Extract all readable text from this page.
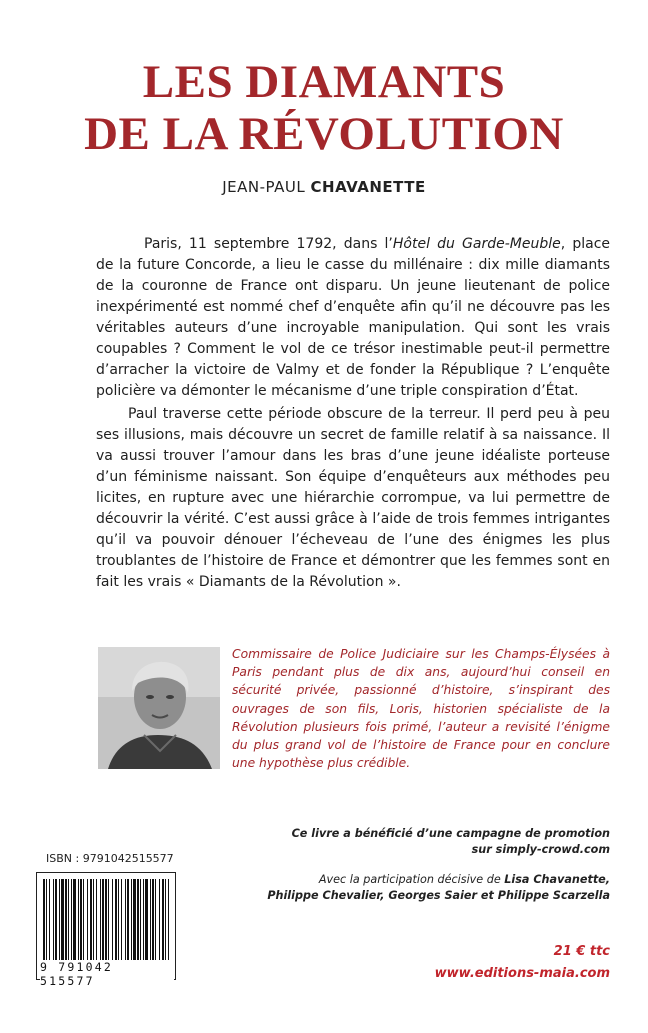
LES DIAMANTS
DE LA RÉVOLUTION
JEAN-PAUL CHAVANETTE

Paris, 11 septembre 1792, dans l’Hôtel du Garde-Meuble, place de la future Concorde, a lieu le casse du millénaire : dix mille diamants de la couronne de France ont disparu. Un jeune lieutenant de police inexpérimenté est nommé chef d’enquête afin qu’il ne découvre pas les véritables auteurs d’une incroyable manipulation. Qui sont les vrais coupables ? Comment le vol de ce trésor inestimable peut-il permettre d’arracher la victoire de Valmy et de fonder la République ? L’enquête policière va démonter le mécanisme d’une triple conspiration d’État.

Paul traverse cette période obscure de la terreur. Il perd peu à peu ses illusions, mais découvre un secret de famille relatif à sa naissance. Il va aussi trouver l’amour dans les bras d’une jeune idéaliste porteuse d’un féminisme naissant. Son équipe d’enquêteurs aux méthodes peu licites, en rupture avec une hiérarchie corrompue, va lui permettre de découvrir la vérité. C’est aussi grâce à l’aide de trois femmes intrigantes qu’il va pouvoir dénouer l’écheveau de l’une des énigmes les plus troublantes de l’histoire de France et démontrer que les femmes sont en fait les vrais « Diamants de la Révolution ».

Commissaire de Police Judiciaire sur les Champs-Élysées à Paris pendant plus de dix ans, aujourd’hui conseil en sécurité privée, passionné d’histoire, s’inspirant des ouvrages de son fils, Loris, historien spécialiste de la Révolution plusieurs fois primé, l’auteur a revisité l’énigme du plus grand vol de l’histoire de France pour en conclure une hypothèse plus crédible.
Ce livre a bénéficié d’une campagne de promotion
sur simply-crowd.com
Avec la participation décisive de Lisa Chavanette,
Philippe Chevalier, Georges Saier et Philippe Scarzella
ISBN : 9791042515577
9 791042 515577
21 € ttc
www.editions-maia.com
